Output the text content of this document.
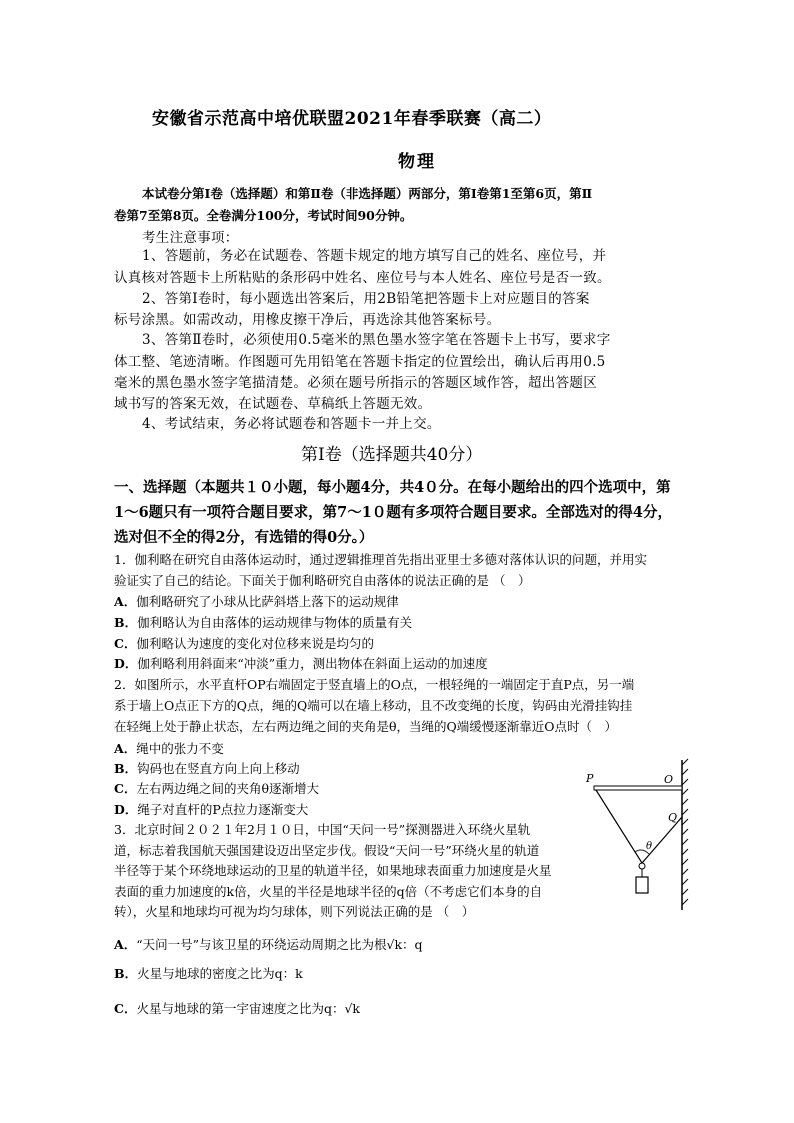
安徽省示范高中培优联盟2021年春季联赛（高二）
物理
本试卷分第Ⅰ卷（选择题）和第Ⅱ卷（非选择题）两部分，第Ⅰ卷第1至第6页，第Ⅱ
卷第7至第8页。全卷满分100分，考试时间90分钟。
考生注意事项：
1、答题前，务必在试题卷、答题卡规定的地方填写自己的姓名、座位号，并
认真核对答题卡上所粘贴的条形码中姓名、座位号与本人姓名、座位号是否一致。
2、答第Ⅰ卷时，每小题选出答案后，用2B铅笔把答题卡上对应题目的答案
标号涂黑。如需改动，用橡皮擦干净后，再选涂其他答案标号。
3、答第Ⅱ卷时，必须使用0.5毫米的黑色墨水签字笔在答题卡上书写，要求字
体工整、笔迹清晰。作图题可先用铅笔在答题卡指定的位置绘出，确认后再用0.5
毫米的黑色墨水签字笔描清楚。必须在题号所指示的答题区域作答，超出答题区
域书写的答案无效，在试题卷、草稿纸上答题无效。
4、考试结束，务必将试题卷和答题卡一并上交。
第Ⅰ卷（选择题共40分）
一、选择题（本题共１０小题，每小题4分，共4０分。在每小题给出的四个选项中，第
1～6题只有一项符合题目要求，第7～1０题有多项符合题目要求。全部选对的得4分，
选对但不全的得2分，有选错的得0分。）
1．伽利略在研究自由落体运动时，通过逻辑推理首先指出亚里士多德对落体认识的问题，并用实
验证实了自己的结论。下面关于伽利略研究自由落体的说法正确的是 （　）
A．伽利略研究了小球从比萨斜塔上落下的运动规律
B．伽利略认为自由落体的运动规律与物体的质量有关
C．伽利略认为速度的变化对位移来说是均匀的
D．伽利略利用斜面来“冲淡”重力，测出物体在斜面上运动的加速度
2．如图所示，水平直杆OP右端固定于竖直墙上的O点，一根轻绳的一端固定于直P点，另一端
系于墙上O点正下方的Q点，绳的Q端可以在墙上移动，且不改变绳的长度，钩码由光滑挂钩挂
在轻绳上处于静止状态，左右两边绳之间的夹角是θ，当绳的Q端缓慢逐渐靠近O点时（　）
A．绳中的张力不变
B．钩码也在竖直方向上向上移动
C．左右两边绳之间的夹角θ逐渐增大
D．绳子对直杆的P点拉力逐渐变大
P	O
Q
θ
3．北京时间２０２１年2月１０日，中国“天问一号”探测器进入环绕火星轨
道，标志着我国航天强国建设迈出坚定步伐。假设“天问一号”环绕火星的轨道
半径等于某个环绕地球运动的卫星的轨道半径，如果地球表面重力加速度是火星
表面的重力加速度的k倍，火星的半径是地球半径的q倍（不考虑它们本身的自
转），火星和地球均可视为均匀球体，则下列说法正确的是 （　）
A．“天问一号”与该卫星的环绕运动周期之比为根√k：q
B．火星与地球的密度之比为q：k
C．火星与地球的第一宇宙速度之比为q：√k
